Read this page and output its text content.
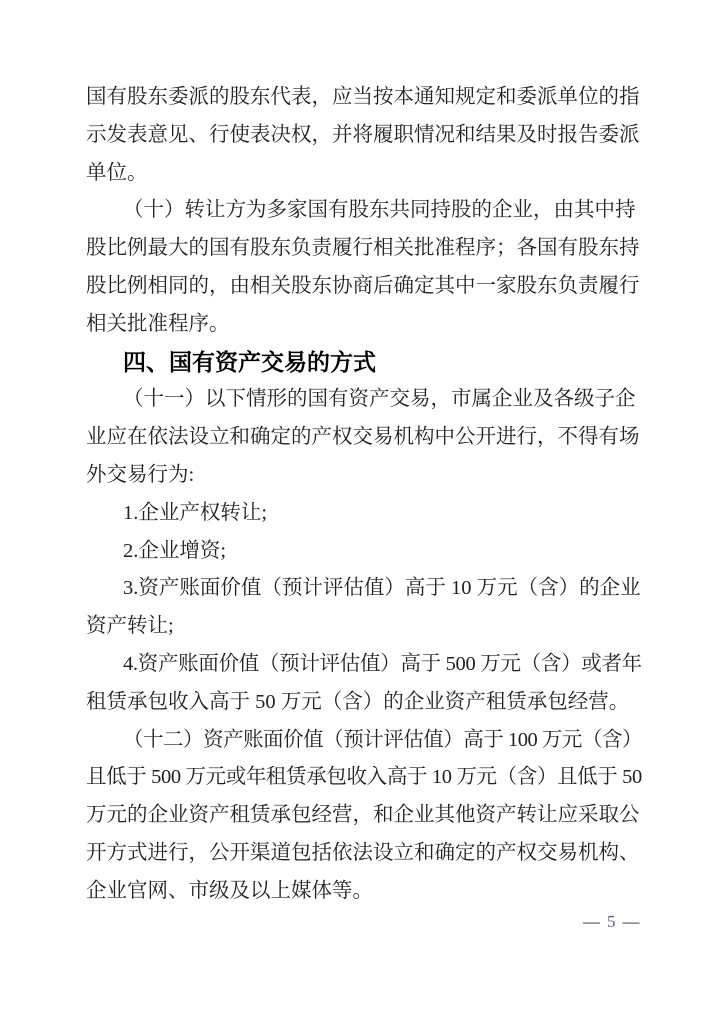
国有股东委派的股东代表，应当按本通知规定和委派单位的指
示发表意见、行使表决权，并将履职情况和结果及时报告委派
单位。
（十）转让方为多家国有股东共同持股的企业，由其中持
股比例最大的国有股东负责履行相关批准程序；各国有股东持
股比例相同的，由相关股东协商后确定其中一家股东负责履行
相关批准程序。
四、国有资产交易的方式
（十一）以下情形的国有资产交易，市属企业及各级子企
业应在依法设立和确定的产权交易机构中公开进行，不得有场
外交易行为:
1.企业产权转让;
2.企业增资;
3.资产账面价值（预计评估值）高于 10 万元（含）的企业
资产转让;
4.资产账面价值（预计评估值）高于 500 万元（含）或者年
租赁承包收入高于 50 万元（含）的企业资产租赁承包经营。
（十二）资产账面价值（预计评估值）高于 100 万元（含）
且低于 500 万元或年租赁承包收入高于 10 万元（含）且低于 50
万元的企业资产租赁承包经营，和企业其他资产转让应采取公
开方式进行，公开渠道包括依法设立和确定的产权交易机构、
企业官网、市级及以上媒体等。
— 5 —
